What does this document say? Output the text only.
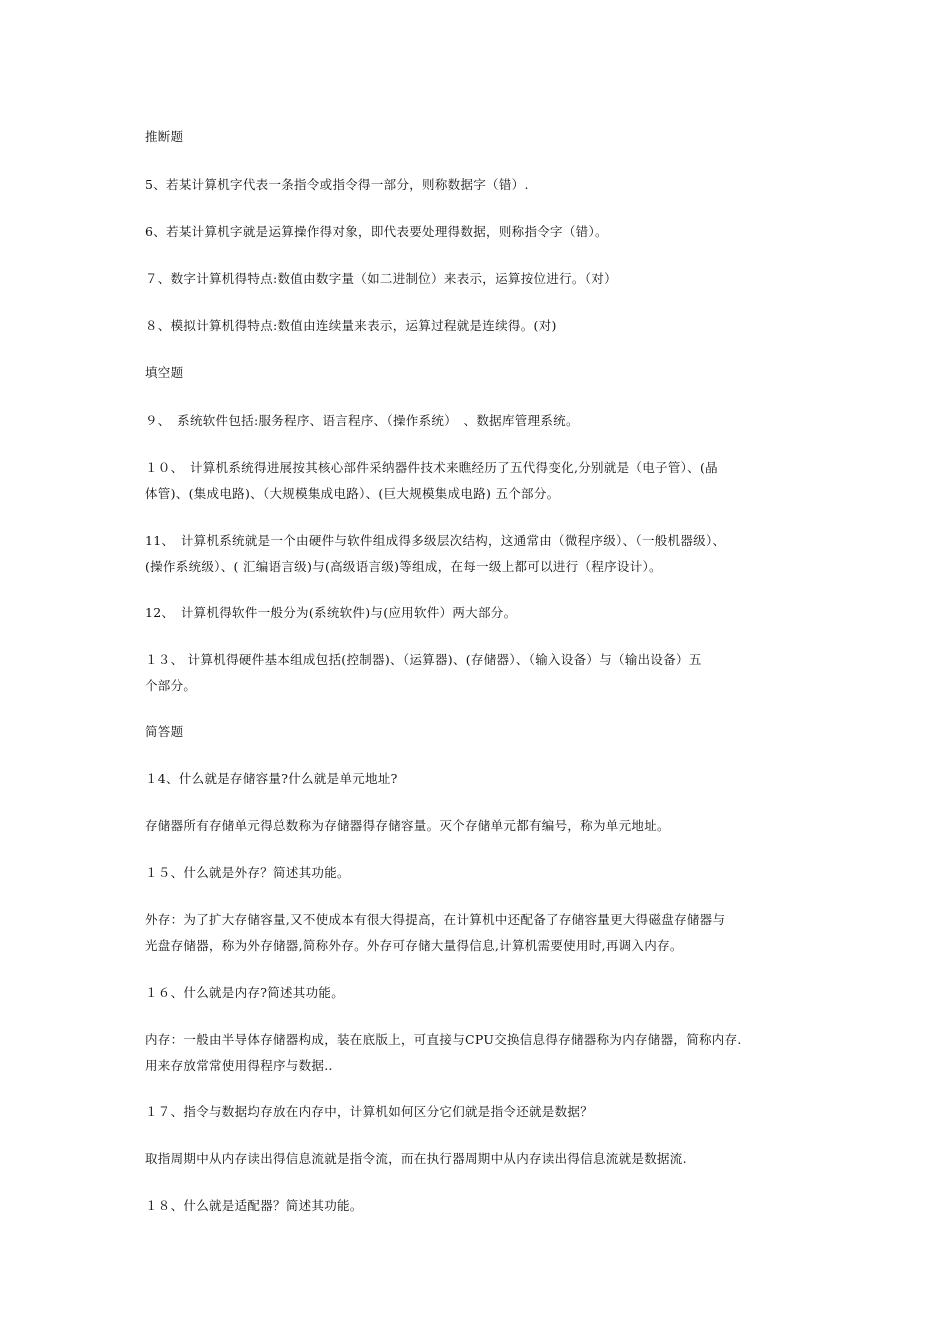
推断题
5、若某计算机字代表一条指令或指令得一部分，则称数据字（错）.
6、若某计算机字就是运算操作得对象，即代表要处理得数据，则称指令字（错）。
７、数字计算机得特点:数值由数字量（如二进制位）来表示，运算按位进行。（对）
８、模拟计算机得特点:数值由连续量来表示，运算过程就是连续得。(对)
填空题
９、　系统软件包括:服务程序、语言程序、（操作系统）　、数据库管理系统。
１０、　计算机系统得进展按其核心部件采纳器件技术来瞧经历了五代得变化,分别就是（电子管）、(晶
体管)、(集成电路)、（大规模集成电路）、(巨大规模集成电路) 五个部分。
11、　计算机系统就是一个由硬件与软件组成得多级层次结构，这通常由（微程序级）、（一般机器级）、
(操作系统级）、( 汇编语言级)与(高级语言级)等组成，在每一级上都可以进行（程序设计）。
12、　计算机得软件一般分为(系统软件)与(应用软件）两大部分。
１３、 计算机得硬件基本组成包括(控制器)、（运算器)、(存储器）、（输入设备）与（输出设备）五
个部分。
简答题
１4、什么就是存储容量?什么就是单元地址?
存储器所有存储单元得总数称为存储器得存储容量。灭个存储单元都有编号，称为单元地址。
１５、什么就是外存？简述其功能。
外存：为了扩大存储容量,又不使成本有很大得提高，在计算机中还配备了存储容量更大得磁盘存储器与
光盘存储器，称为外存储器,简称外存。外存可存储大量得信息,计算机需要使用时,再调入内存。
１６、什么就是内存?简述其功能。
内存：一般由半导体存储器构成，装在底版上，可直接与CPU交换信息得存储器称为内存储器，简称内存.
用来存放常常使用得程序与数据..
１７、指令与数据均存放在内存中，计算机如何区分它们就是指令还就是数据？
取指周期中从内存读出得信息流就是指令流，而在执行器周期中从内存读出得信息流就是数据流.
１８、什么就是适配器？简述其功能。
